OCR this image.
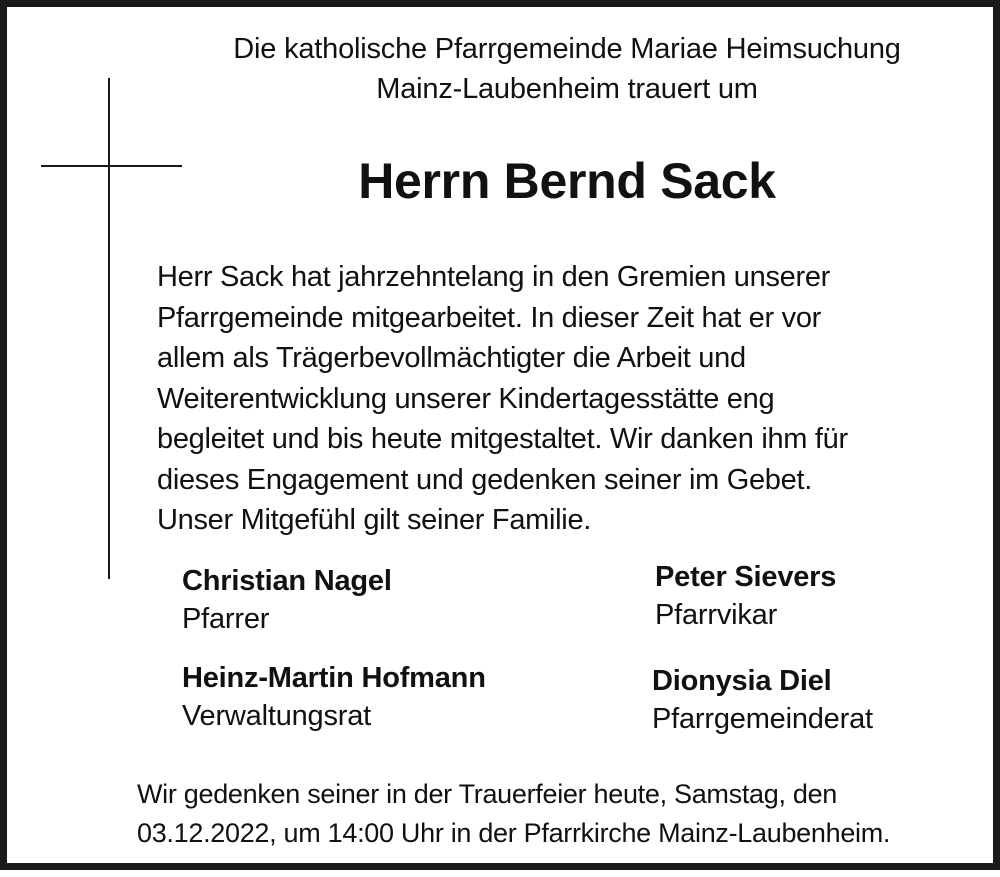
Die katholische Pfarrgemeinde Mariae Heimsuchung
Mainz-Laubenheim trauert um
Herrn Bernd Sack
Herr Sack hat jahrzehntelang in den Gremien unserer
Pfarrgemeinde mitgearbeitet. In dieser Zeit hat er vor
allem als Trägerbevollmächtigter die Arbeit und
Weiterentwicklung unserer Kindertagesstätte eng
begleitet und bis heute mitgestaltet. Wir danken ihm für
dieses Engagement und gedenken seiner im Gebet.
Unser Mitgefühl gilt seiner Familie.
Christian Nagel
Pfarrer
Peter Sievers
Pfarrvikar
Heinz-Martin Hofmann
Verwaltungsrat
Dionysia Diel
Pfarrgemeinderat
Wir gedenken seiner in der Trauerfeier heute, Samstag, den
03.12.2022, um 14:00 Uhr in der Pfarrkirche Mainz-Laubenheim.
